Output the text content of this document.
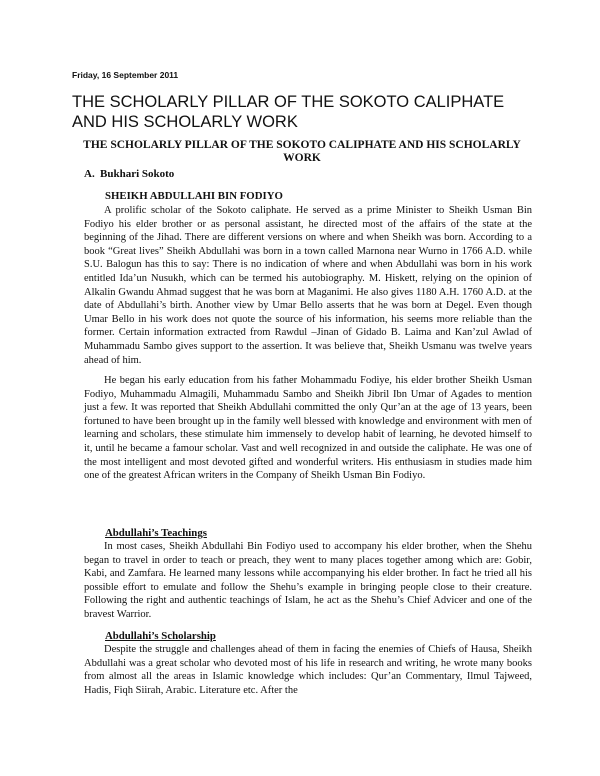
Friday, 16 September 2011
THE SCHOLARLY PILLAR OF THE SOKOTO CALIPHATE AND HIS SCHOLARLY WORK
THE SCHOLARLY PILLAR OF THE SOKOTO CALIPHATE AND HIS SCHOLARLY WORK
A. Bukhari Sokoto
SHEIKH ABDULLAHI BIN FODIYO

A prolific scholar of the Sokoto caliphate. He served as a prime Minister to Sheikh Usman Bin Fodiyo his elder brother or as personal assistant, he directed most of the affairs of the state at the beginning of the Jihad. There are different versions on where and when Sheikh was born. According to a book “Great lives” Sheikh Abdullahi was born in a town called Marnona near Wurno in 1766 A.D. while S.U. Balogun has this to say: There is no indication of where and when Abdullahi was born in his work entitled Ida’un Nusukh, which can be termed his autobiography. M. Hiskett, relying on the opinion of Alkalin Gwandu Ahmad suggest that he was born at Maganimi. He also gives 1180 A.H. 1760 A.D. at the date of Abdullahi’s birth. Another view by Umar Bello asserts that he was born at Degel. Even though Umar Bello in his work does not quote the source of his information, his seems more reliable than the former. Certain information extracted from Rawdul –Jinan of Gidado B. Laima and Kan’zul Awlad of Muhammadu Sambo gives support to the assertion. It was believe that, Sheikh Usmanu was twelve years ahead of him.

He began his early education from his father Mohammadu Fodiye, his elder brother Sheikh Usman Fodiyo, Muhammadu Almagili, Muhammadu Sambo and Sheikh Jibril Ibn Umar of Agades to mention just a few. It was reported that Sheikh Abdullahi committed the only Qur’an at the age of 13 years, been fortuned to have been brought up in the family well blessed with knowledge and environment with men of learning and scholars, these stimulate him immensely to develop habit of learning, he devoted himself to it, until he became a famour scholar. Vast and well recognized in and outside the caliphate. He was one of the most intelligent and most devoted gifted and wonderful writers. His enthusiasm in studies made him one of the greatest African writers in the Company of Sheikh Usman Bin Fodiyo.

Abdullahi’s Teachings

In most cases, Sheikh Abdullahi Bin Fodiyo used to accompany his elder brother, when the Shehu began to travel in order to teach or preach, they went to many places together among which are: Gobir, Kabi, and Zamfara. He learned many lessons while accompanying his elder brother. In fact he tried all his possible effort to emulate and follow the Shehu’s example in bringing people close to their creature. Following the right and authentic teachings of Islam, he act as the Shehu’s Chief Advicer and one of the bravest Warrior.

Abdullahi’s Scholarship

Despite the struggle and challenges ahead of them in facing the enemies of Chiefs of Hausa, Sheikh Abdullahi was a great scholar who devoted most of his life in research and writing, he wrote many books from almost all the areas in Islamic knowledge which includes: Qur’an Commentary, Ilmul Tajweed, Hadis, Fiqh Siirah, Arabic. Literature etc. After the
